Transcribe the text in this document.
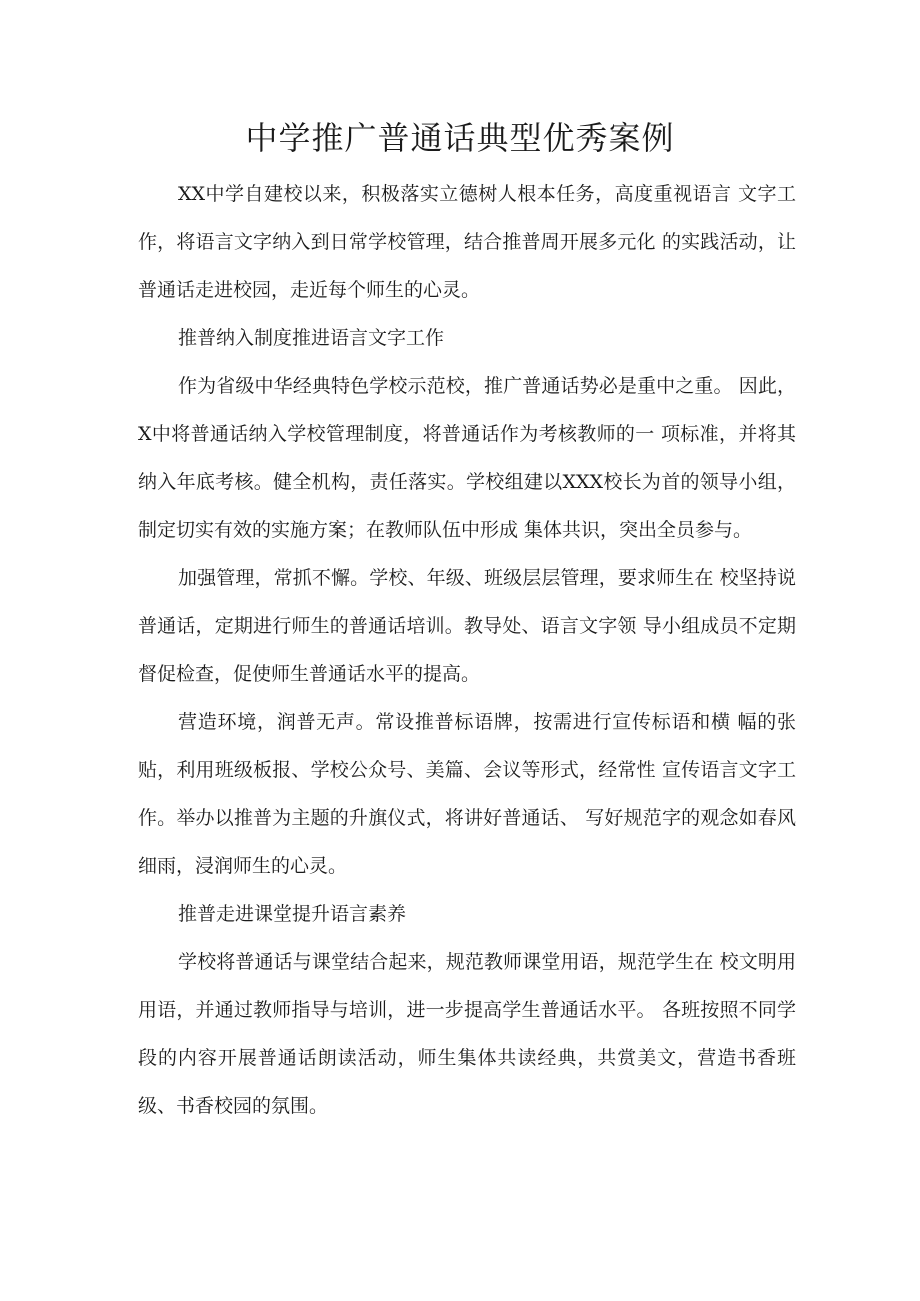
中学推广普通话典型优秀案例

XX中学自建校以来，积极落实立德树人根本任务，高度重视语言 文字工作，将语言文字纳入到日常学校管理，结合推普周开展多元化 的实践活动，让普通话走进校园，走近每个师生的心灵。

推普纳入制度推进语言文字工作

作为省级中华经典特色学校示范校，推广普通话势必是重中之重。 因此，X中将普通话纳入学校管理制度，将普通话作为考核教师的一 项标准，并将其纳入年底考核。健全机构，责任落实。学校组建以XXX校长为首的领导小组，制定切实有效的实施方案；在教师队伍中形成 集体共识，突出全员参与。

加强管理，常抓不懈。学校、年级、班级层层管理，要求师生在 校坚持说普通话，定期进行师生的普通话培训。教导处、语言文字领 导小组成员不定期督促检查，促使师生普通话水平的提高。

营造环境，润普无声。常设推普标语牌，按需进行宣传标语和横 幅的张贴，利用班级板报、学校公众号、美篇、会议等形式，经常性 宣传语言文字工作。举办以推普为主题的升旗仪式，将讲好普通话、 写好规范字的观念如春风细雨，浸润师生的心灵。

推普走进课堂提升语言素养

学校将普通话与课堂结合起来，规范教师课堂用语，规范学生在 校文明用用语，并通过教师指导与培训，进一步提高学生普通话水平。 各班按照不同学段的内容开展普通话朗读活动，师生集体共读经典，共赏美文，营造书香班级、书香校园的氛围。
